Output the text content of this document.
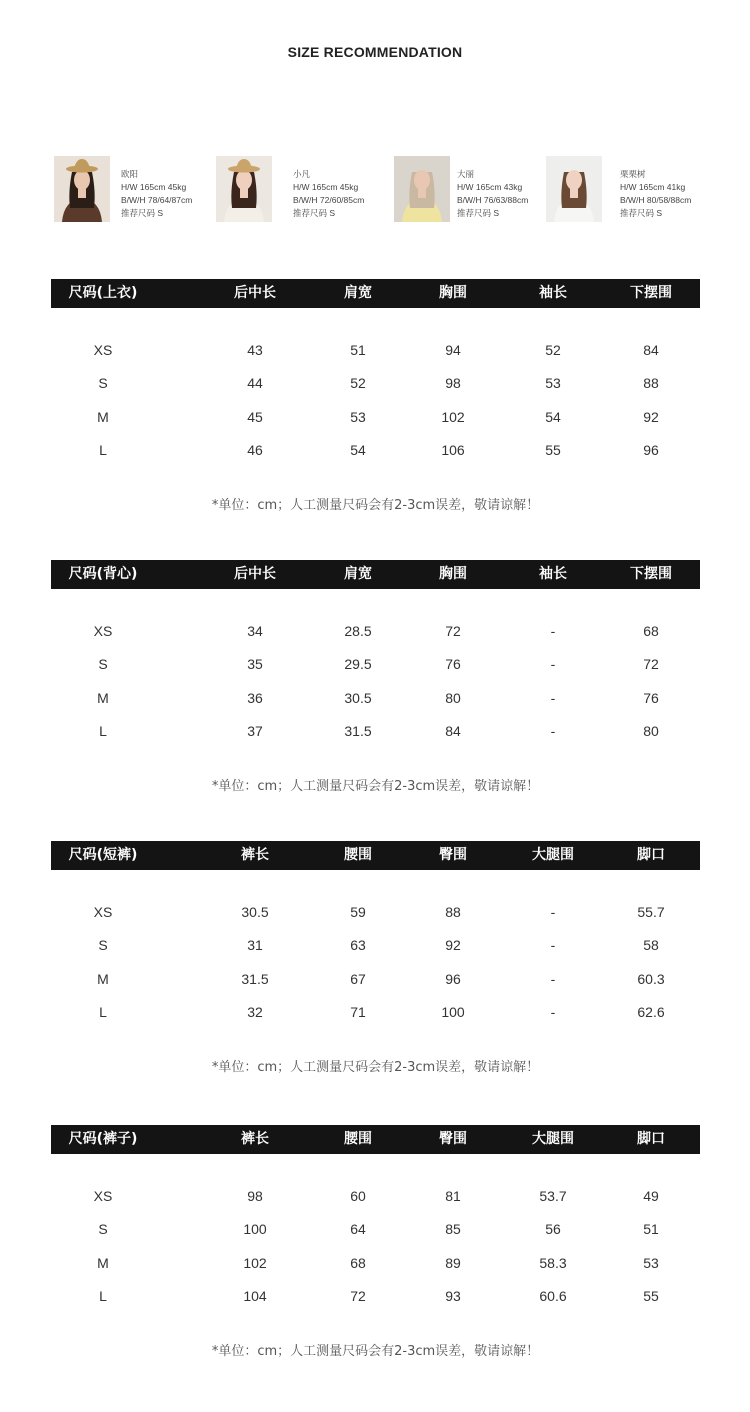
SIZE RECOMMENDATION
欧阳
H/W 165cm 45kg
B/W/H 78/64/87cm
推荐尺码 S
小凡
H/W 165cm 45kg
B/W/H 72/60/85cm
推荐尺码 S
大丽
H/W 165cm 43kg
B/W/H 76/63/88cm
推荐尺码 S
栗栗树
H/W 165cm 41kg
B/W/H 80/58/88cm
推荐尺码 S
尺码(上衣)	后中长	肩宽	胸围	袖长	下摆围
XS	43	51	94	52	84
S	44	52	98	53	88
M	45	53	102	54	92
L	46	54	106	55	96
*单位：cm；人工测量尺码会有2-3cm误差，敬请谅解！
尺码(背心)	后中长	肩宽	胸围	袖长	下摆围
XS	34	28.5	72	-	68
S	35	29.5	76	-	72
M	36	30.5	80	-	76
L	37	31.5	84	-	80
*单位：cm；人工测量尺码会有2-3cm误差，敬请谅解！
尺码(短裤)	裤长	腰围	臀围	大腿围	脚口
XS	30.5	59	88	-	55.7
S	31	63	92	-	58
M	31.5	67	96	-	60.3
L	32	71	100	-	62.6
*单位：cm；人工测量尺码会有2-3cm误差，敬请谅解！
尺码(裤子)	裤长	腰围	臀围	大腿围	脚口
XS	98	60	81	53.7	49
S	100	64	85	56	51
M	102	68	89	58.3	53
L	104	72	93	60.6	55
*单位：cm；人工测量尺码会有2-3cm误差，敬请谅解！
